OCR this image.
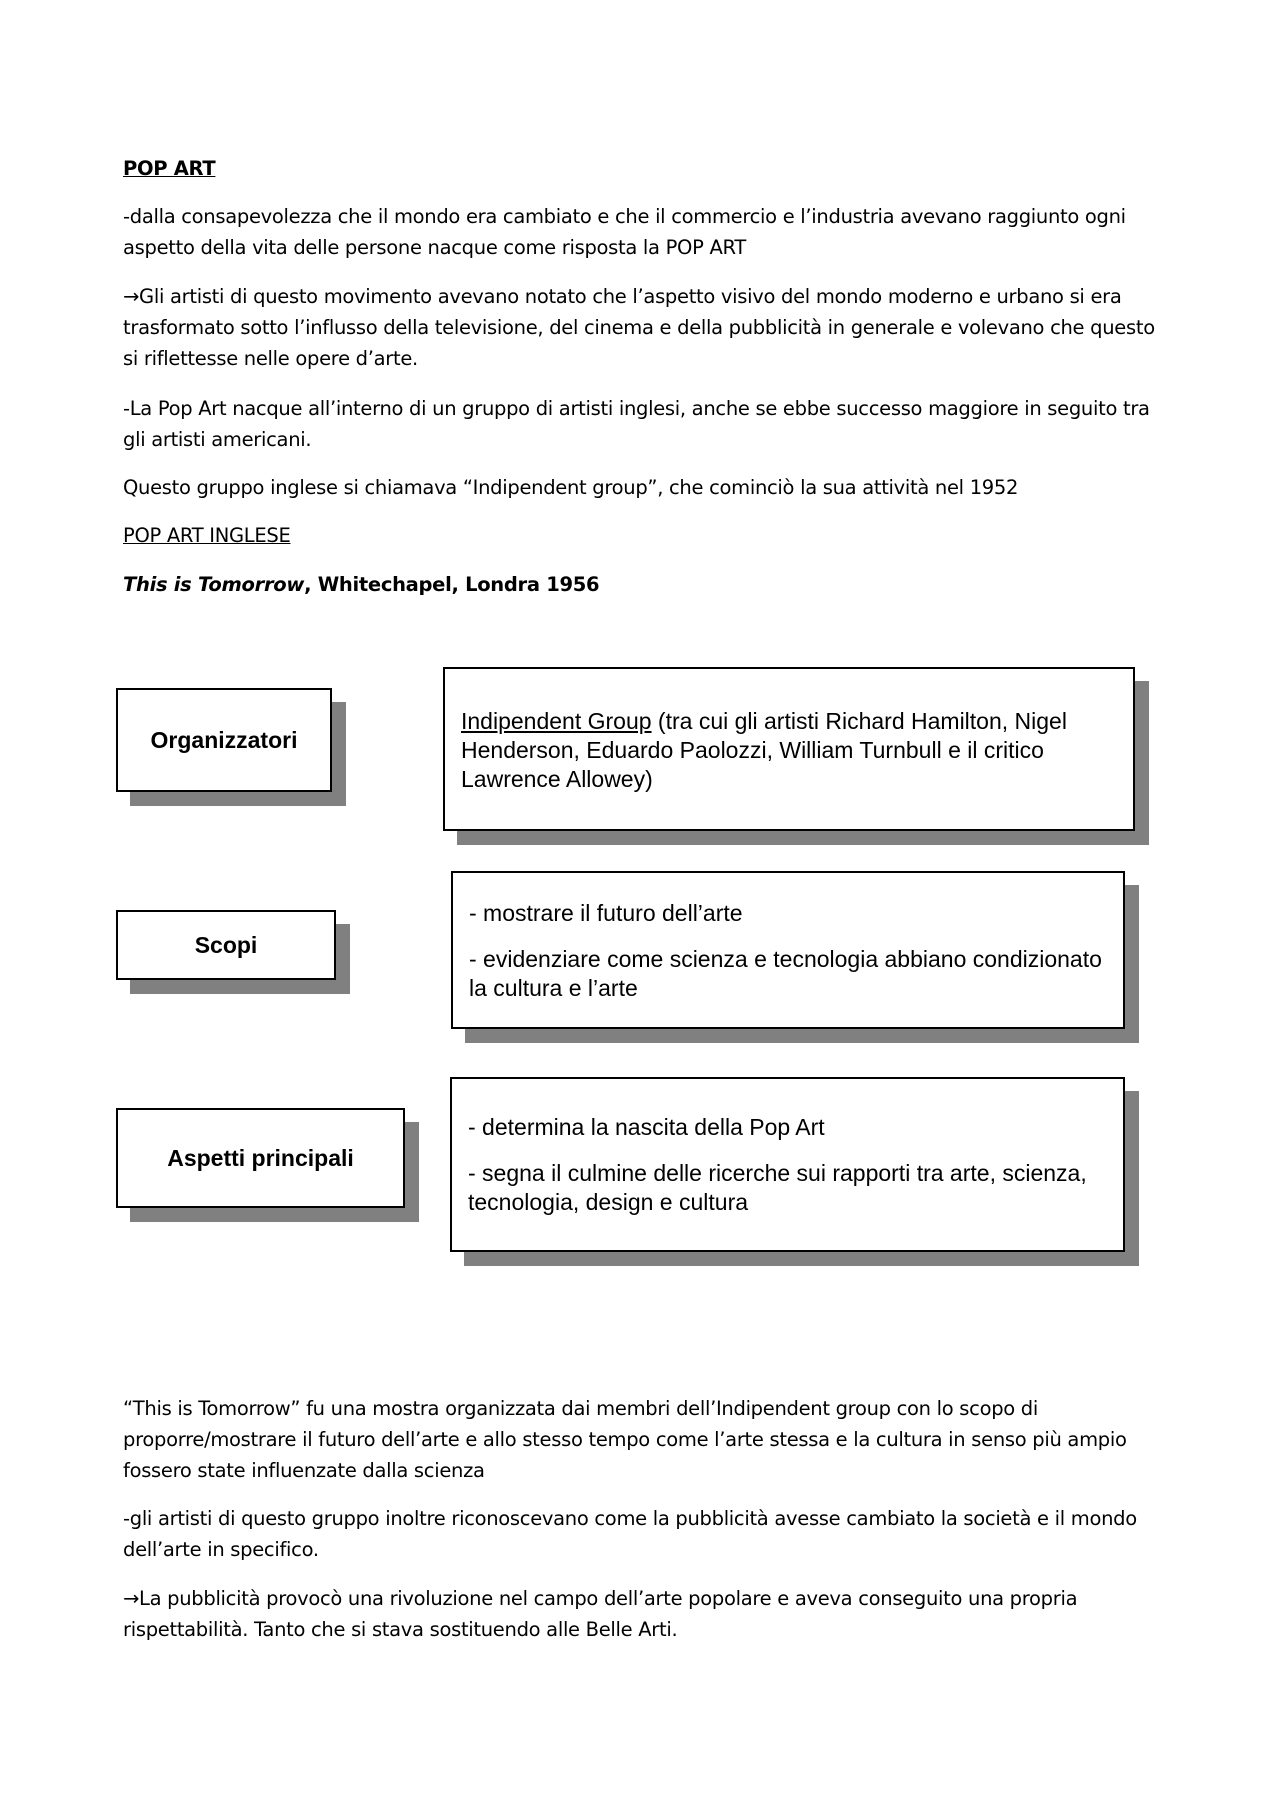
POP ART
-dalla consapevolezza che il mondo era cambiato e che il commercio e l’industria avevano raggiunto ogni aspetto della vita delle persone nacque come risposta la POP ART
→Gli artisti di questo movimento avevano notato che l’aspetto visivo del mondo moderno e urbano si era trasformato sotto l’influsso della televisione, del cinema e della pubblicità in generale e volevano che questo si riflettesse nelle opere d’arte.
-La Pop Art nacque all’interno di un gruppo di artisti inglesi, anche se ebbe successo maggiore in seguito tra gli artisti americani.
Questo gruppo inglese si chiamava “Indipendent group”, che cominciò la sua attività nel 1952
POP ART INGLESE
This is Tomorrow, Whitechapel, Londra 1956
Organizzatori

Indipendent Group (tra cui gli artisti Richard Hamilton, Nigel Henderson, Eduardo Paolozzi, William Turnbull e il critico Lawrence Allowey)

Scopi

- mostrare il futuro dell’arte

- evidenziare come scienza e tecnologia abbiano condizionato la cultura e l’arte

Aspetti principali

- determina la nascita della Pop Art

- segna il culmine delle ricerche sui rapporti tra arte, scienza, tecnologia, design e cultura

“This is Tomorrow” fu una mostra organizzata dai membri dell’Indipendent group con lo scopo di proporre/mostrare il futuro dell’arte e allo stesso tempo come l’arte stessa e la cultura in senso più ampio fossero state influenzate dalla scienza
-gli artisti di questo gruppo inoltre riconoscevano come la pubblicità avesse cambiato la società e il mondo dell’arte in specifico.
→La pubblicità provocò una rivoluzione nel campo dell’arte popolare e aveva conseguito una propria rispettabilità. Tanto che si stava sostituendo alle Belle Arti.
